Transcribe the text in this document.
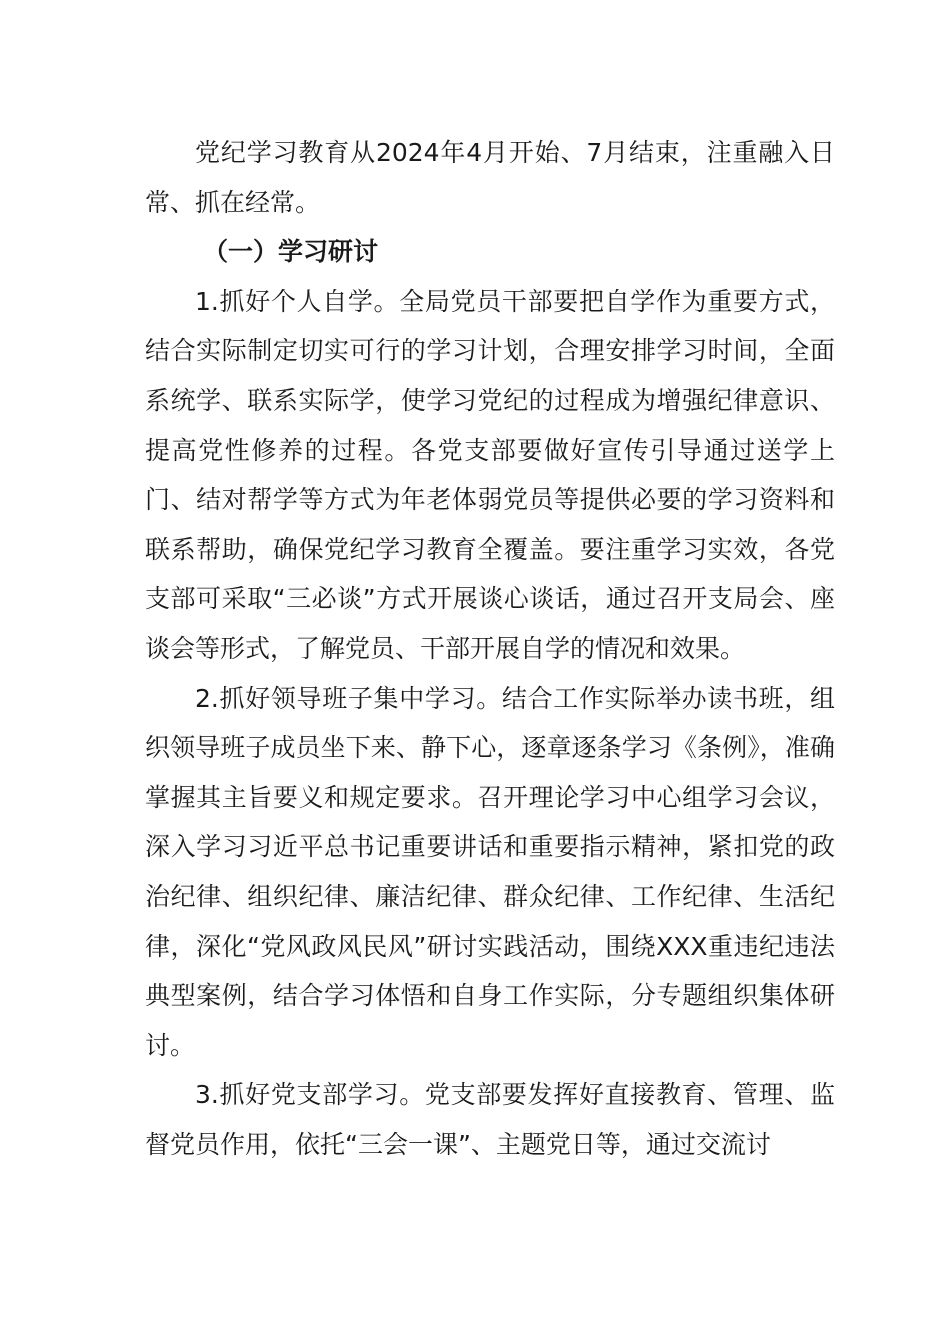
党纪学习教育从2024年4月开始、7月结束，注重融入日常、抓在经常。

（一）学习研讨

1.抓好个人自学。全局党员干部要把自学作为重要方式，结合实际制定切实可行的学习计划，合理安排学习时间，全面系统学、联系实际学，使学习党纪的过程成为增强纪律意识、提高党性修养的过程。各党支部要做好宣传引导通过送学上门、结对帮学等方式为年老体弱党员等提供必要的学习资料和联系帮助，确保党纪学习教育全覆盖。要注重学习实效，各党支部可采取“三必谈”方式开展谈心谈话，通过召开支局会、座谈会等形式，了解党员、干部开展自学的情况和效果。

2.抓好领导班子集中学习。结合工作实际举办读书班，组织领导班子成员坐下来、静下心，逐章逐条学习《条例》，准确掌握其主旨要义和规定要求。召开理论学习中心组学习会议，深入学习习近平总书记重要讲话和重要指示精神，紧扣党的政治纪律、组织纪律、廉洁纪律、群众纪律、工作纪律、生活纪律，深化“党风政风民风”研讨实践活动，围绕XXX重违纪违法典型案例，结合学习体悟和自身工作实际，分专题组织集体研讨。

3.抓好党支部学习。党支部要发挥好直接教育、管理、监督党员作用，依托“三会一课”、主题党日等，通过交流讨
